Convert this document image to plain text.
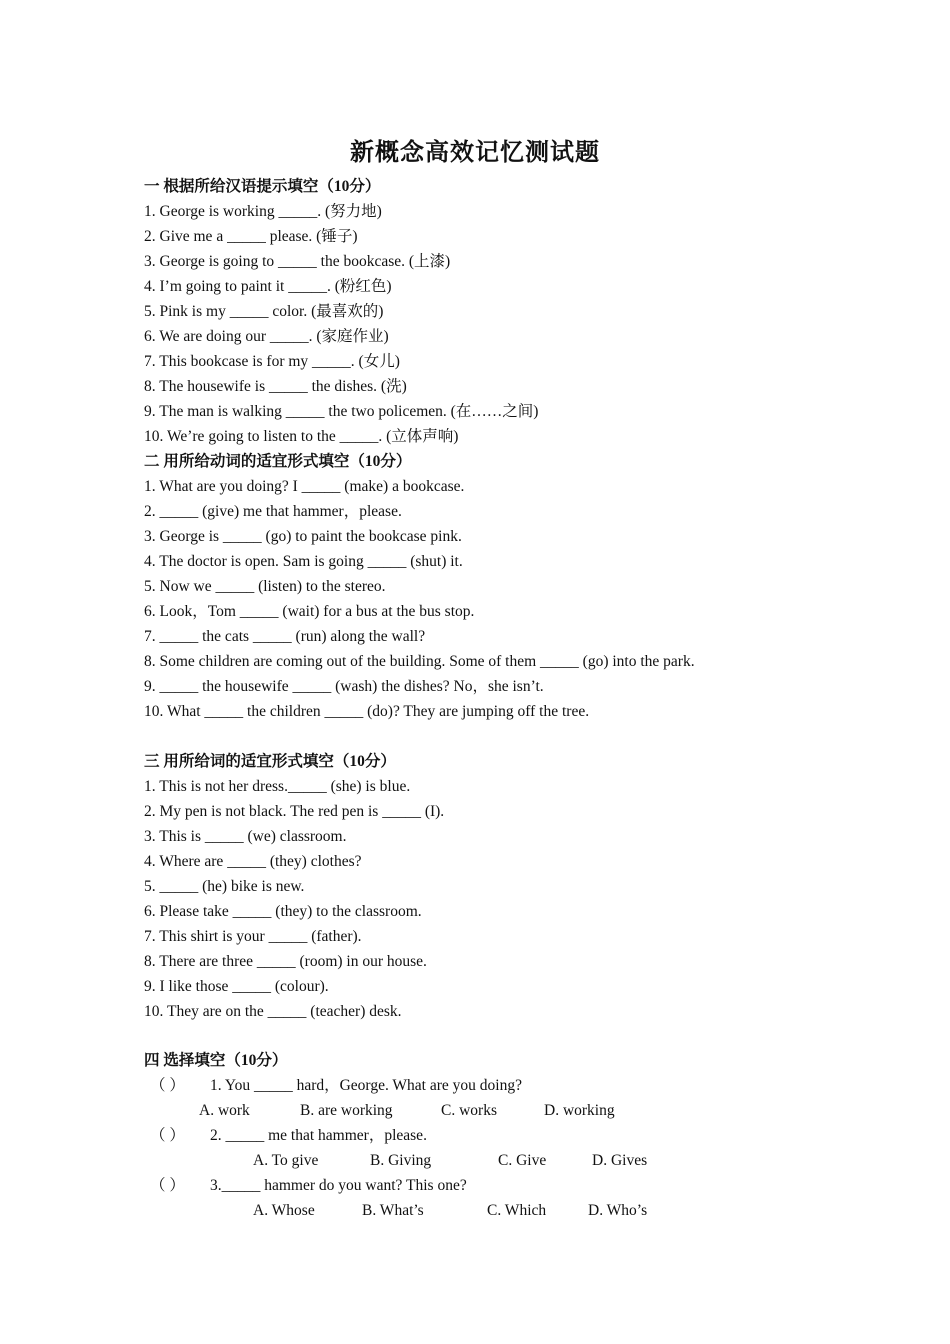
新概念高效记忆测试题
一 根据所给汉语提示填空（10分）
1. George is working _____. (努力地)
2. Give me a _____ please. (锤子)
3. George is going to _____ the bookcase. (上漆)
4. I’m going to paint it _____. (粉红色)
5. Pink is my _____ color. (最喜欢的)
6. We are doing our _____. (家庭作业)
7. This bookcase is for my _____. (女儿)
8. The housewife is _____ the dishes. (洗)
9. The man is walking _____ the two policemen. (在……之间)
10. We’re going to listen to the _____. (立体声响)
二 用所给动词的适宜形式填空（10分）
1. What are you doing? I _____ (make) a bookcase.
2. _____ (give) me that hammer，please.
3. George is _____ (go) to paint the bookcase pink.
4. The doctor is open. Sam is going _____ (shut) it.
5. Now we _____ (listen) to the stereo.
6. Look，Tom _____ (wait) for a bus at the bus stop.
7. _____ the cats _____ (run) along the wall?
8. Some children are coming out of the building. Some of them _____ (go) into the park.
9. _____ the housewife _____ (wash) the dishes? No，she isn’t.
10. What _____ the children _____ (do)? They are jumping off the tree.
三 用所给词的适宜形式填空（10分）
1. This is not her dress._____ (she) is blue.
2. My pen is not black. The red pen is _____ (I).
3. This is _____ (we) classroom.
4. Where are _____ (they) clothes?
5. _____ (he) bike is new.
6. Please take _____ (they) to the classroom.
7. This shirt is your _____ (father).
8. There are three _____ (room) in our house.
9. I like those _____ (colour).
10. They are on the _____ (teacher) desk.
四 选择填空（10分）
（ ） 1. You _____ hard，George. What are you doing?
A. work	B. are working	C. works	D. working
（ ） 2. _____ me that hammer，please.
A. To give	B. Giving	C. Give	D. Gives
（ ） 3._____ hammer do you want? This one?
A. Whose	B. What’s	C. Which	D. Who’s
